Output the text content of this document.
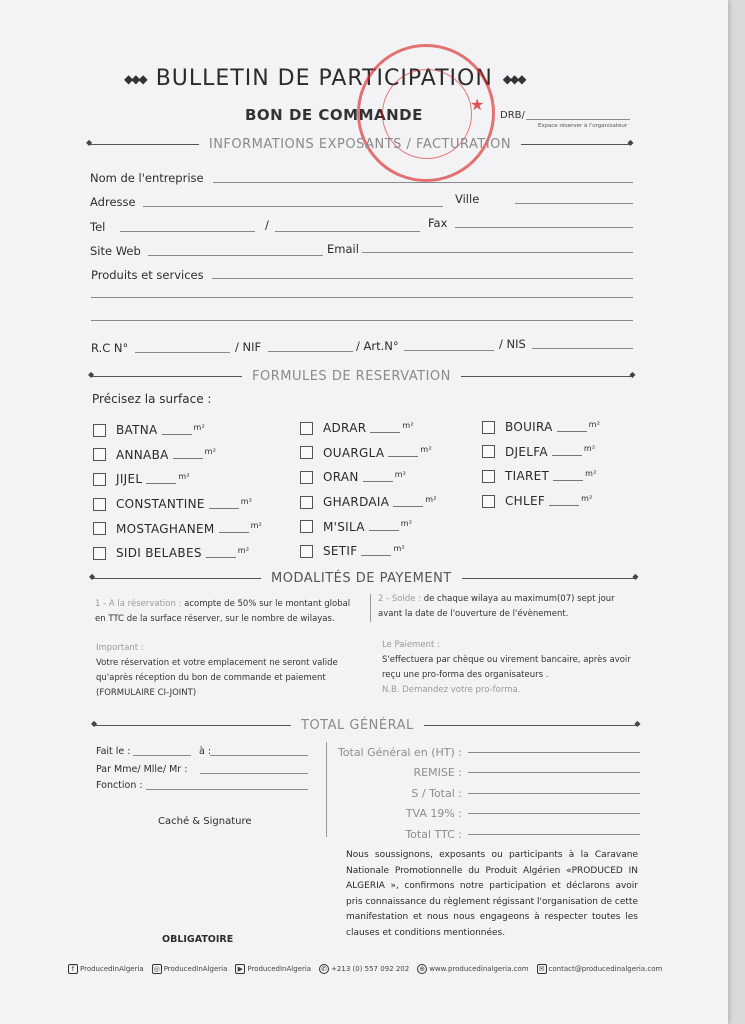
◆◆◆ BULLETIN DE PARTICIPATION ◆◆◆
BON DE COMMANDE	DRB/
Espace réserver à l'organisateur
★
◆
INFORMATIONS EXPOSANTS / FACTURATION
◆
Nom de l'entreprise
Adresse	Ville
Tel	/	Fax
Site Web	Email
Produits et services
R.C N°	/ NIF	/ Art.N°	/ NIS
◆
FORMULES DE RESERVATION
◆
Précisez la surface :
BATNA	$^{m^2}$
ANNABA	$^{m^2}$
JIJEL	$^{m^2}$
CONSTANTINE	$^{m^2}$
MOSTAGHANEM	$^{m^2}$
SIDI BELABES	$^{m^2}$
ADRAR	$^{m^2}$
OUARGLA	$^{m^2}$
ORAN	$^{m^2}$
GHARDAIA	$^{m^2}$
M'SILA	$^{m^2}$
SETIF	$^{m^2}$
BOUIRA	$^{m^2}$
DJELFA	$^{m^2}$
TIARET	$^{m^2}$
CHLEF	$^{m^2}$
◆
MODALITÉS DE PAYEMENT
◆
1 - A la réservation : acompte de 50% sur le montant global en TTC de la surface réserver, sur le nombre de wilayas.
2 - Solde : de chaque wilaya au maximum(07) sept jour avant la date de l'ouverture de l'évènement.
Important :
Votre réservation et votre emplacement ne seront valide qu'après réception du bon de commande et paiement (FORMULAIRE CI-JOINT)
Le Paiement :
S'effectuera par chèque ou virement bancaire, après avoir reçu une pro-forma des organisateurs .
N.B. Demandez votre pro-forma.
◆
TOTAL GÉNÉRAL
◆
Fait le :	à :
Par Mme/ Mlle/ Mr :
Fonction :
Caché & Signature
OBLIGATOIRE
Total Général en (HT) :
REMISE :
S / Total :
TVA 19% :
Total TTC :
Nous soussignons, exposants ou participants à la Caravane Nationale Promotionnelle du Produit Algérien «PRODUCED IN ALGERIA », confirmons notre participation et déclarons avoir pris connaissance du règlement régissant l'organisation de cette manifestation et nous nous engageons à respecter toutes les clauses et conditions mentionnées.
f ProducedInAlgeria ◎ ProducedInAlgeria	▶ ProducedInAlgeria ✆ +213 (0) 557 092 202 ⊕ www.producedinalgeria.com ✉ contact@producedinalgeria.com
